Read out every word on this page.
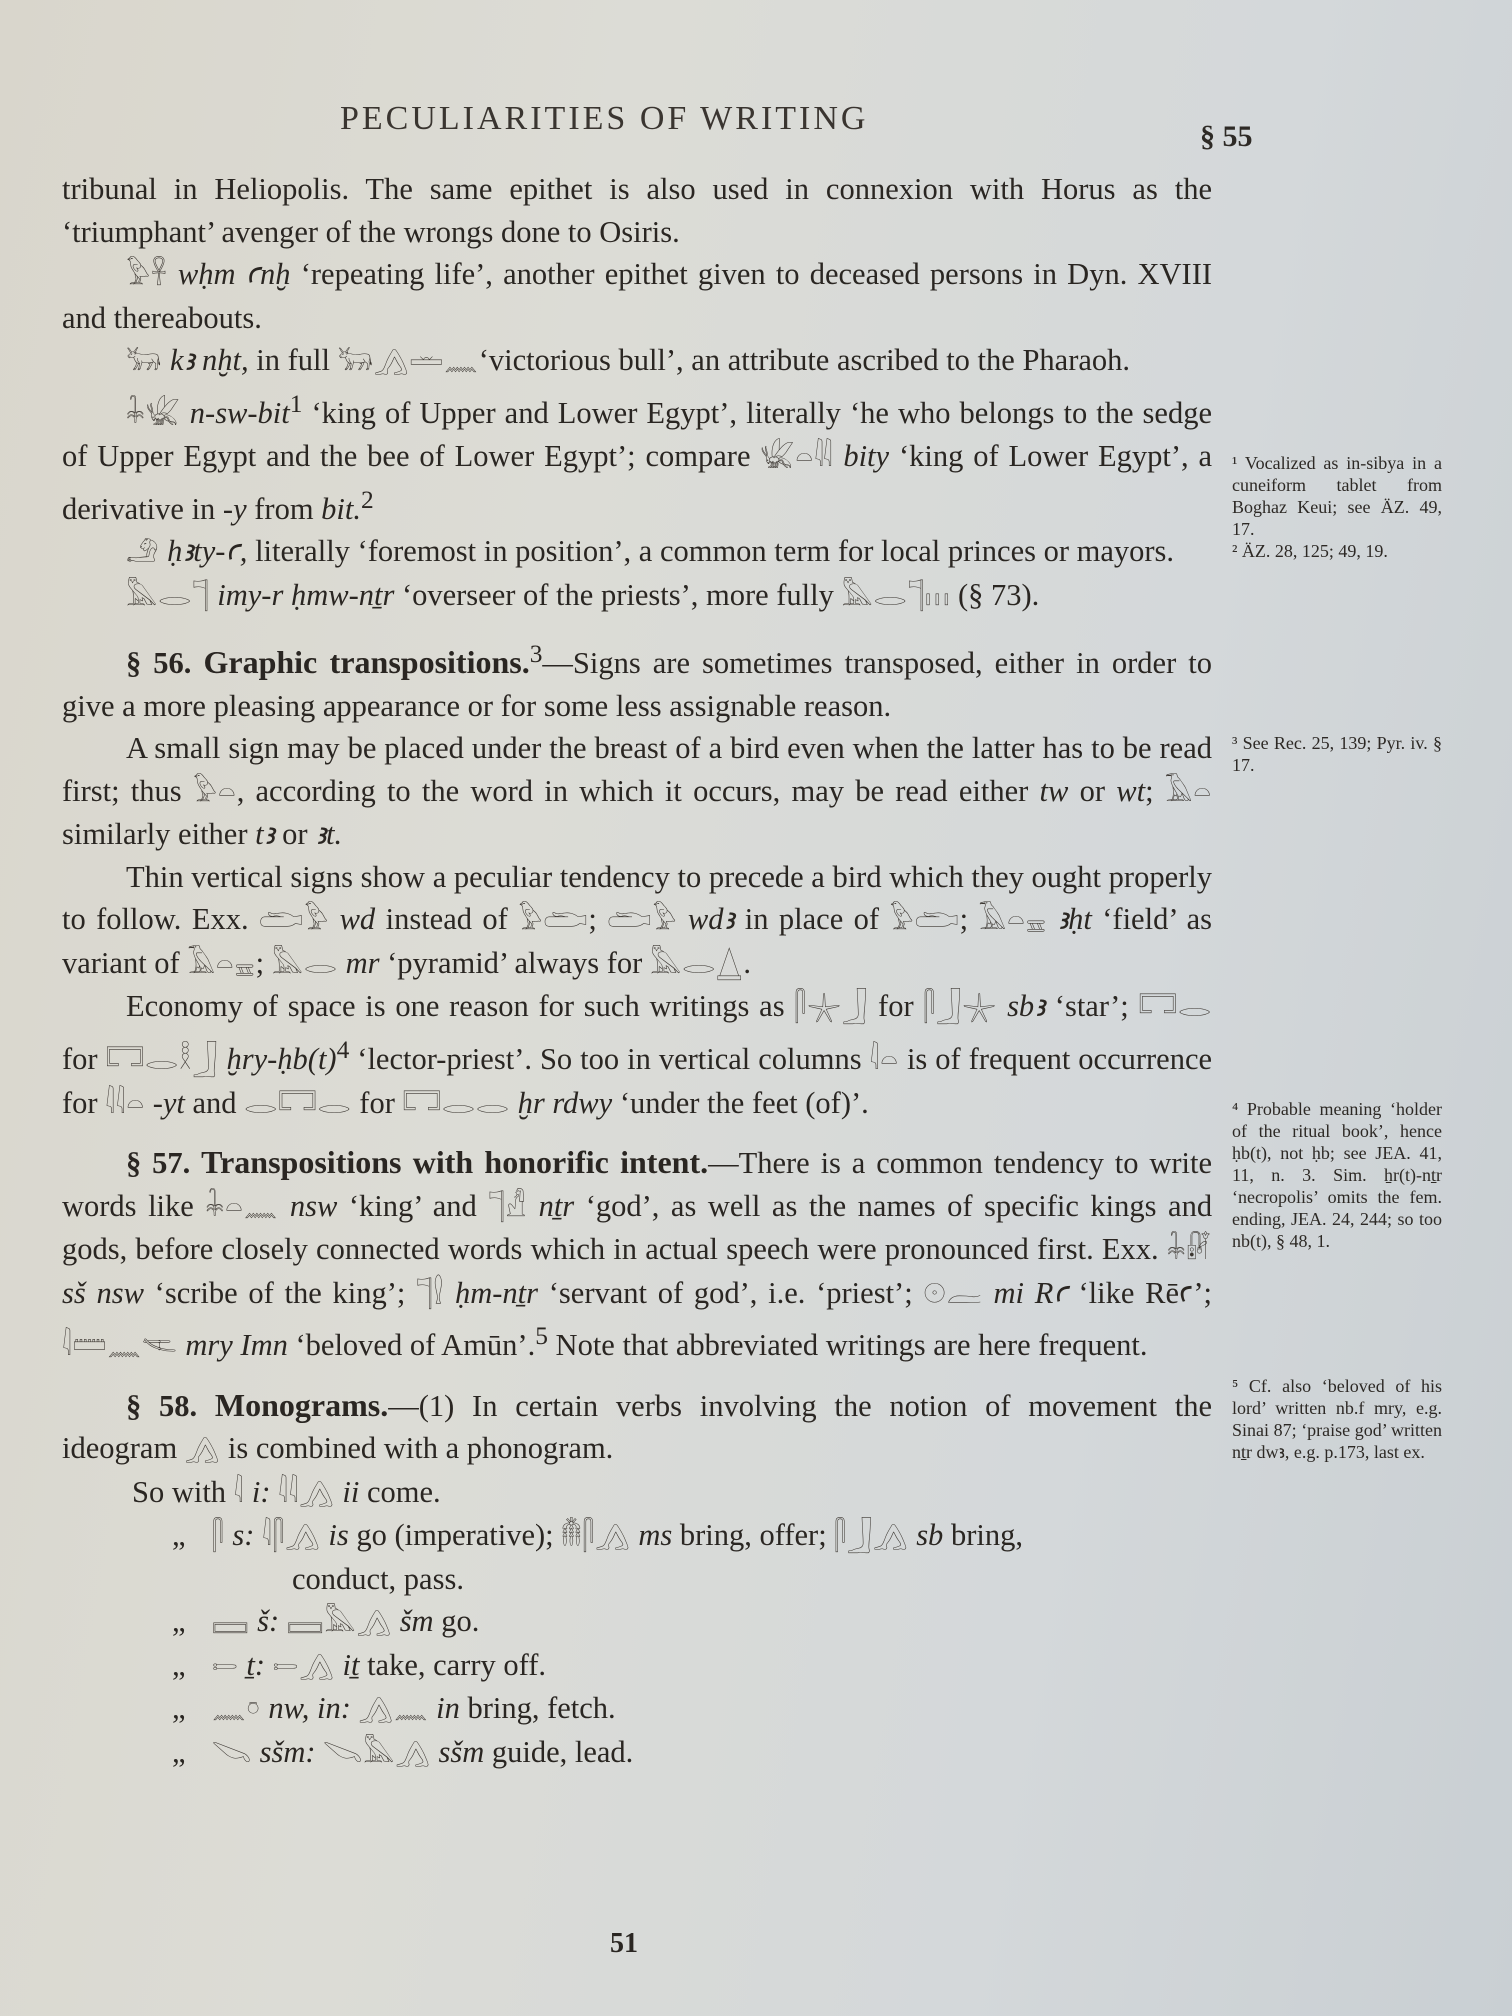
PECULIARITIES OF WRITING	§ 55

tribunal in Heliopolis. The same epithet is also used in connexion with Horus as the ‘triumphant’ avenger of the wrongs done to Osiris.

𓅱𓋹 wḥm ꜥnḫ ‘repeating life’, another epithet given to deceased persons in Dyn. XVIII and thereabouts.

𓃒 kꜣ nḫt, in full 𓃒𓂻𓏛𓈖‘victorious bull’, an attribute ascribed to the Pharaoh.

𓇓𓆤 n-sw-bit$^1$ ‘king of Upper and Lower Egypt’, literally ‘he who belongs to the sedge of Upper Egypt and the bee of Lower Egypt’; compare 𓆤𓏏𓇌 bity ‘king of Lower Egypt’, a derivative in -y from bit.$^2$

𓄂 ḥꜣty-ꜥ, literally ‘foremost in position’, a common term for local princes or mayors.

𓅓𓂋𓊹 imy-r ḥmw-nṯr ‘overseer of the priests’, more fully 𓅓𓂋𓊹𓏥 (§ 73).

§ 56. Graphic transpositions.$^3$—Signs are sometimes transposed, either in order to give a more pleasing appearance or for some less assignable reason.

A small sign may be placed under the breast of a bird even when the latter has to be read first; thus 𓅱𓏏, according to the word in which it occurs, may be read either tw or wt; 𓄿𓏏 similarly either tꜣ or ꜣt.

Thin vertical signs show a peculiar tendency to precede a bird which they ought properly to follow. Exx. 𓂧𓅱 wd instead of 𓅱𓂧; 𓂧𓅱 wdꜣ in place of 𓅱𓂧; 𓄿𓏏𓈇 ꜣḥt ‘field’ as variant of 𓄿𓏏𓈇; 𓅓𓂋 mr ‘pyramid’ always for 𓅓𓂋𓉴.

Economy of space is one reason for such writings as 𓋴𓇼𓃀 for 𓋴𓃀𓇼 sbꜣ ‘star’; 𓉐𓂋 for 𓉐𓂋𓎛𓃀 ḫry-$ḥb(t)^4$ ‘lector-priest’. So too in vertical columns 𓇋𓏏 is of frequent occurrence for 𓇋𓇋𓏏 -yt and 𓂋𓉐𓂋 for 𓉐𓂋𓂋 ḫr rdwy ‘under the feet (of)’.

§ 57. Transpositions with honorific intent.—There is a common tendency to write words like 𓇓𓏏𓈖 nsw ‘king’ and 𓊹𓀭 nṯr ‘god’, as well as the names of specific kings and gods, before closely connected words which in actual speech were pronounced first. Exx. 𓇓𓏞 sš nsw ‘scribe of the king’; 𓊹𓍛 ḥm-nṯr ‘servant of god’, i.e. ‘priest’; 𓇳𓐛 mi Rꜥ ‘like Rēꜥ’; 𓇋𓏠𓈖𓌻 mry Imn ‘beloved of Amūn’.$^5$ Note that abbreviated writings are here frequent.

§ 58. Monograms.—(1) In certain verbs involving the notion of movement the ideogram 𓂻 is combined with a phonogram.

So with 𓇋 i: 𓇋𓇋𓂻 ii come.

„ 𓋴 s: 𓇋𓋴𓂻 is go (imperative); 𓄟𓋴𓂻 ms bring, offer; 𓋴𓃀𓂻 sb bring,

conduct, pass.

„ 𓈙 š: 𓈙𓅓𓂻 šm go.

„ 𓍿 ṯ: 𓍿𓂻 iṯ take, carry off.

„ 𓈖𓏌 nw, in: 𓂻𓈖 in bring, fetch.

„ 𓌫 sšm: 𓌫𓅓𓂻 sšm guide, lead.

¹ Vocalized as in-sibya in a cuneiform tablet from Boghaz Keui; see ÄZ. 49, 17.

² ÄZ. 28, 125; 49, 19.

³ See Rec. 25, 139; Pyr. iv. § 17.

⁴ Probable meaning ‘holder of the ritual book’, hence ḥb(t), not ḥb; see JEA. 41, 11, n. 3. Sim. ẖr(t)-nṯr ‘necropolis’ omits the fem. ending, JEA. 24, 244; so too nb(t), § 48, 1.

⁵ Cf. also ‘beloved of his lord’ written nb.f mry, e.g. Sinai 87; ‘praise god’ written nṯr dwꜣ, e.g. p.173, last ex.

51
